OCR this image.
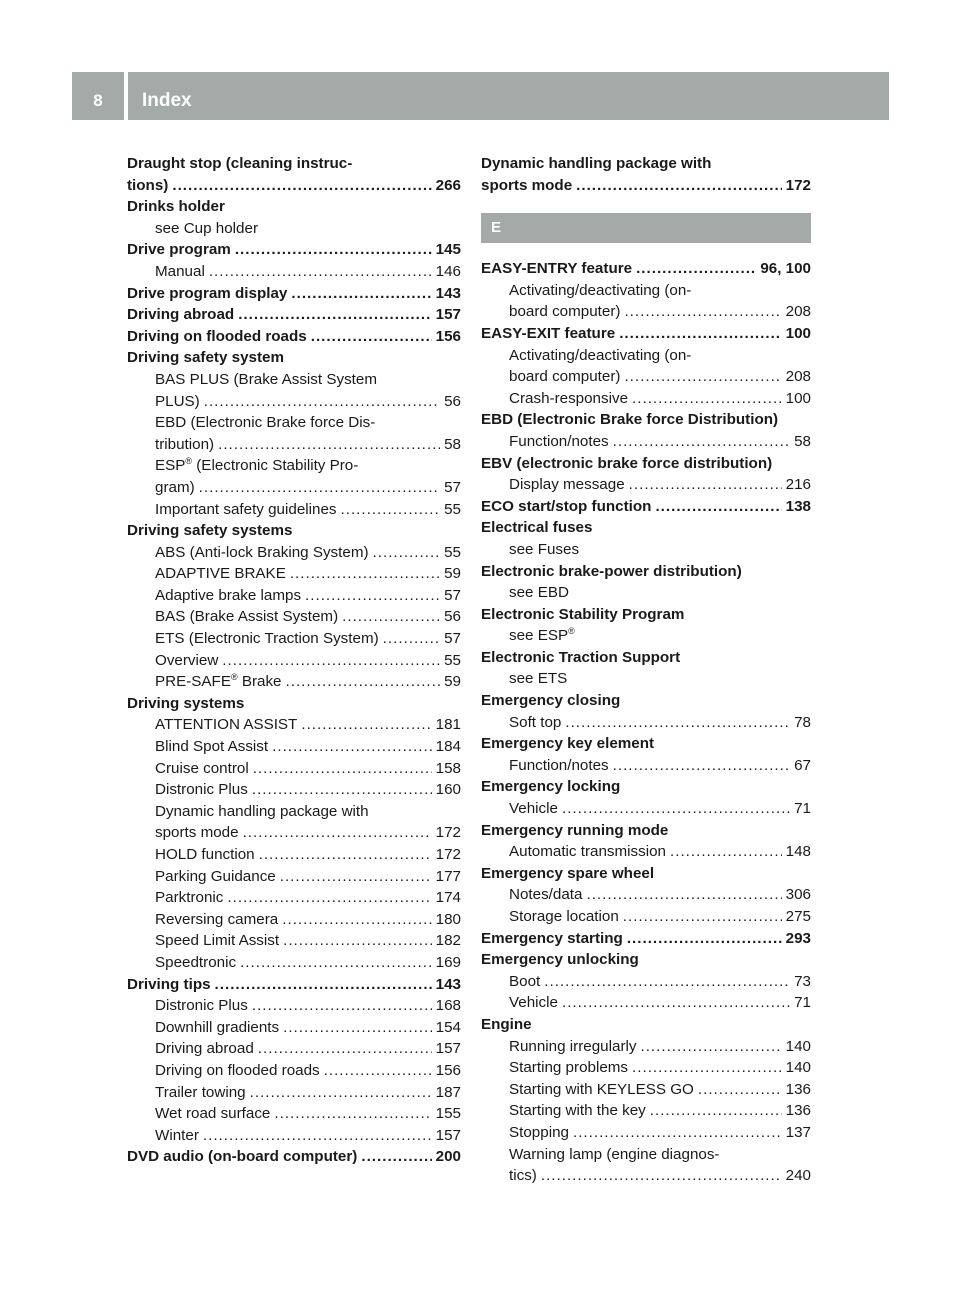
8	Index
Draught stop (cleaning instruc-
tions) .....	266
Drinks holder
see Cup holder
Drive program .....	145
Manual .....	146
Drive program display .....	143
Driving abroad .....	157
Driving on flooded roads .....	156
Driving safety system
BAS PLUS (Brake Assist System
PLUS) .....	56
EBD (Electronic Brake force Dis-
tribution) .....	58
ESP® (Electronic Stability Pro-
gram) .....	57
Important safety guidelines .....	55
Driving safety systems
ABS (Anti-lock Braking System) .....	55
ADAPTIVE BRAKE .....	59
Adaptive brake lamps .....	57
BAS (Brake Assist System) .....	56
ETS (Electronic Traction System) .....	57
Overview .....	55
PRE-SAFE® Brake .....	59
Driving systems
ATTENTION ASSIST .....	181
Blind Spot Assist .....	184
Cruise control .....	158
Distronic Plus .....	160
Dynamic handling package with
sports mode .....	172
HOLD function .....	172
Parking Guidance .....	177
Parktronic .....	174
Reversing camera .....	180
Speed Limit Assist .....	182
Speedtronic .....	169
Driving tips .....	143
Distronic Plus .....	168
Downhill gradients .....	154
Driving abroad .....	157
Driving on flooded roads .....	156
Trailer towing .....	187
Wet road surface .....	155
Winter .....	157
DVD audio (on-board computer) .....	200
Dynamic handling package with
sports mode .....	172
E
EASY-ENTRY feature .....	96, 100
Activating/deactivating (on-
board computer) .....	208
EASY-EXIT feature .....	100
Activating/deactivating (on-
board computer) .....	208
Crash-responsive .....	100
EBD (Electronic Brake force Distribution)
Function/notes .....	58
EBV (electronic brake force distribution)
Display message .....	216
ECO start/stop function .....	138
Electrical fuses
see Fuses
Electronic brake-power distribution)
see EBD
Electronic Stability Program
see ESP®
Electronic Traction Support
see ETS
Emergency closing
Soft top .....	78
Emergency key element
Function/notes .....	67
Emergency locking
Vehicle .....	71
Emergency running mode
Automatic transmission .....	148
Emergency spare wheel
Notes/data .....	306
Storage location .....	275
Emergency starting .....	293
Emergency unlocking
Boot .....	73
Vehicle .....	71
Engine
Running irregularly .....	140
Starting problems .....	140
Starting with KEYLESS GO .....	136
Starting with the key .....	136
Stopping .....	137
Warning lamp (engine diagnos-
tics) .....	240
